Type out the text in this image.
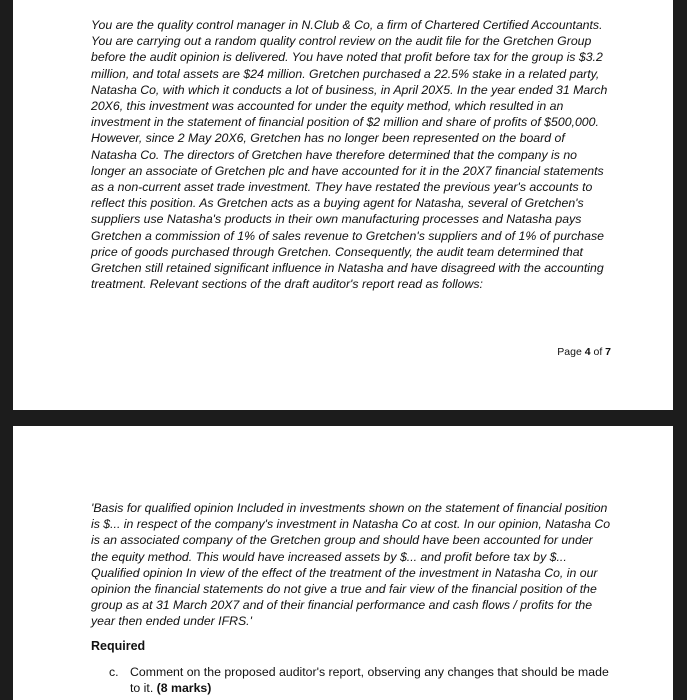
You are the quality control manager in N.Club & Co, a firm of Chartered Certified Accountants. You are carrying out a random quality control review on the audit file for the Gretchen Group before the audit opinion is delivered. You have noted that profit before tax for the group is $3.2 million, and total assets are $24 million. Gretchen purchased a 22.5% stake in a related party, Natasha Co, with which it conducts a lot of business, in April 20X5. In the year ended 31 March 20X6, this investment was accounted for under the equity method, which resulted in an investment in the statement of financial position of $2 million and share of profits of $500,000. However, since 2 May 20X6, Gretchen has no longer been represented on the board of Natasha Co. The directors of Gretchen have therefore determined that the company is no longer an associate of Gretchen plc and have accounted for it in the 20X7 financial statements as a non-current asset trade investment. They have restated the previous year's accounts to reflect this position. As Gretchen acts as a buying agent for Natasha, several of Gretchen's suppliers use Natasha's products in their own manufacturing processes and Natasha pays Gretchen a commission of 1% of sales revenue to Gretchen's suppliers and of 1% of purchase price of goods purchased through Gretchen. Consequently, the audit team determined that Gretchen still retained significant influence in Natasha and have disagreed with the accounting treatment. Relevant sections of the draft auditor's report read as follows:
Page 4 of 7
'Basis for qualified opinion Included in investments shown on the statement of financial position is $... in respect of the company's investment in Natasha Co at cost. In our opinion, Natasha Co is an associated company of the Gretchen group and should have been accounted for under the equity method. This would have increased assets by $... and profit before tax by $... Qualified opinion In view of the effect of the treatment of the investment in Natasha Co, in our opinion the financial statements do not give a true and fair view of the financial position of the group as at 31 March 20X7 and of their financial performance and cash flows / profits for the year then ended under IFRS.'
Required
c. Comment on the proposed auditor's report, observing any changes that should be made to it. (8 marks)
